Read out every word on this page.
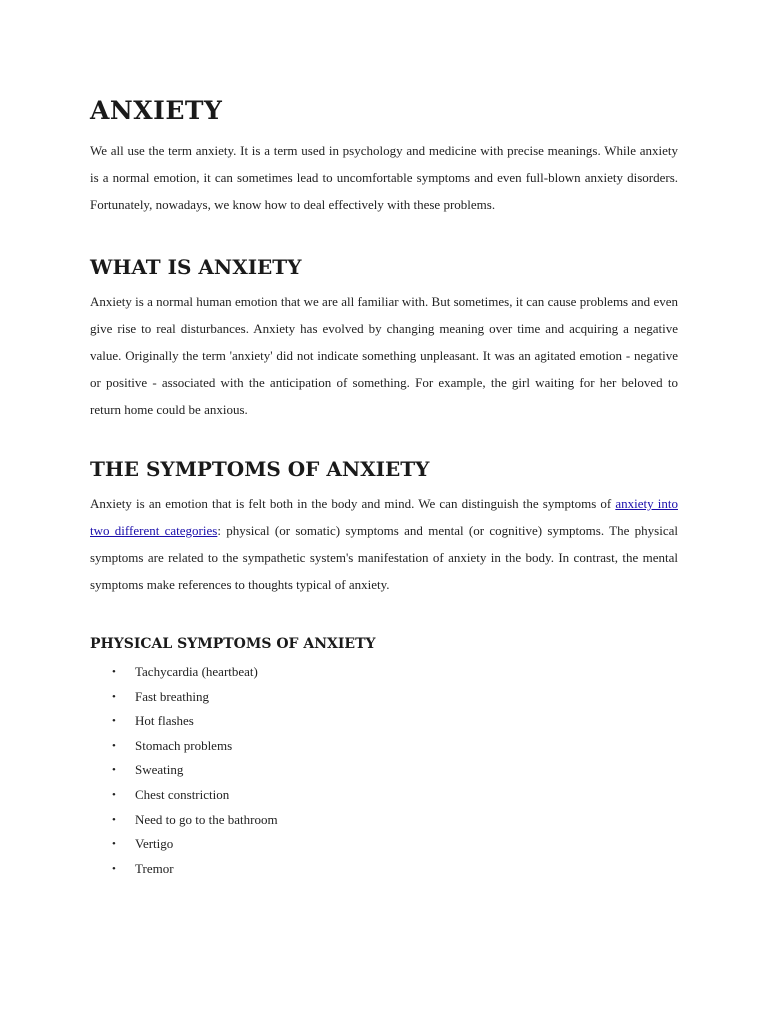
ANXIETY

We all use the term anxiety. It is a term used in psychology and medicine with precise meanings. While anxiety is a normal emotion, it can sometimes lead to uncomfortable symptoms and even full-blown anxiety disorders. Fortunately, nowadays, we know how to deal effectively with these problems.

WHAT IS ANXIETY

Anxiety is a normal human emotion that we are all familiar with. But sometimes, it can cause problems and even give rise to real disturbances. Anxiety has evolved by changing meaning over time and acquiring a negative value. Originally the term 'anxiety' did not indicate something unpleasant. It was an agitated emotion - negative or positive - associated with the anticipation of something. For example, the girl waiting for her beloved to return home could be anxious.

THE SYMPTOMS OF ANXIETY

Anxiety is an emotion that is felt both in the body and mind. We can distinguish the symptoms of anxiety into two different categories: physical (or somatic) symptoms and mental (or cognitive) symptoms. The physical symptoms are related to the sympathetic system's manifestation of anxiety in the body. In contrast, the mental symptoms make references to thoughts typical of anxiety.

PHYSICAL SYMPTOMS OF ANXIETY
• Tachycardia (heartbeat)
• Fast breathing
• Hot flashes
• Stomach problems
• Sweating
• Chest constriction
• Need to go to the bathroom
• Vertigo
• Tremor
